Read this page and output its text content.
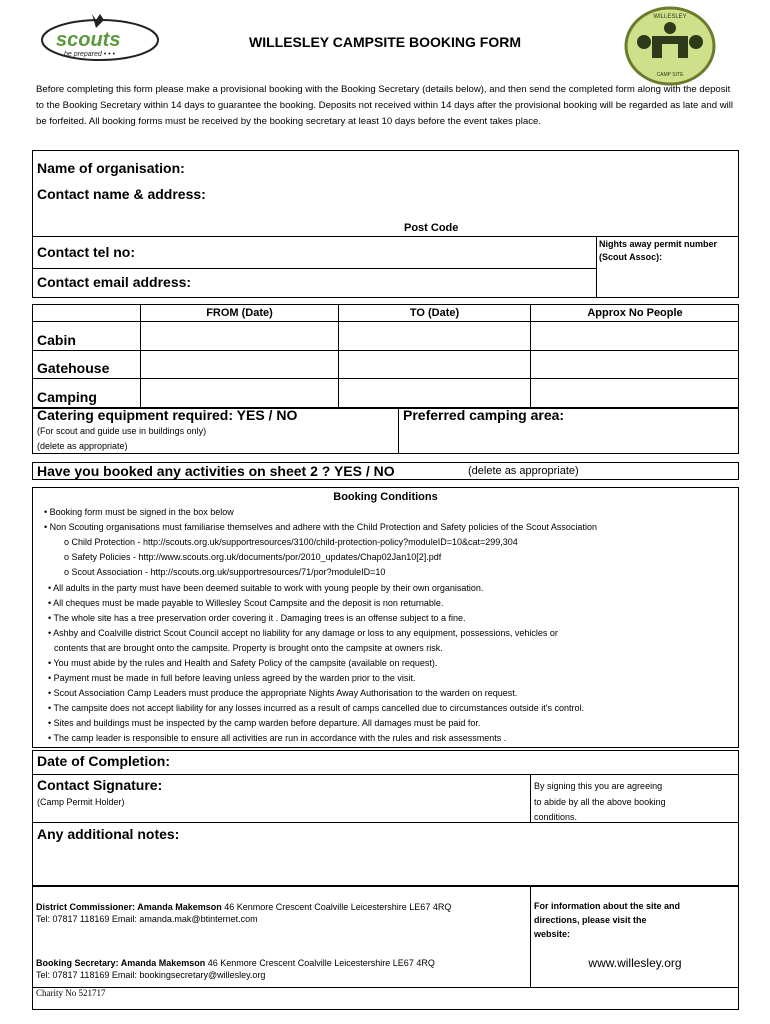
scouts
be prepared • • •
WILLESLEY
CAMP SITE
WILLESLEY CAMPSITE BOOKING FORM
Before completing this form please make a provisional booking with the Booking Secretary (details below), and then send the completed form along with the deposit to the Booking Secretary within 14 days to guarantee the booking. Deposits not received within 14 days after the provisional booking will be regarded as late and will be forfeited. All booking forms must be received by the booking secretary at least 10 days before the event takes place.
Name of organisation:
Contact name & address:
Post Code
Contact tel no:	Nights away permit number
(Scout Assoc):
Contact email address:
FROM (Date)	TO (Date)	Approx No People
Cabin
Gatehouse
Camping
Catering equipment required: YES / NO
(For scout and guide use in buildings only)
(delete as appropriate)
Preferred camping area:
Have you booked any activities on sheet 2 ? YES / NO	(delete as appropriate)
Booking Conditions
• Booking form must be signed in the box below
• Non Scouting organisations must familiarise themselves and adhere with the Child Protection and Safety policies of the Scout Association
o Child Protection - http://scouts.org.uk/supportresources/3100/child-protection-policy?moduleID=10&cat=299,304
o Safety Policies - http://www.scouts.org.uk/documents/por/2010_updates/Chap02Jan10[2].pdf
o Scout Association - http://scouts.org.uk/supportresources/71/por?moduleID=10
• All adults in the party must have been deemed suitable to work with young people by their own organisation.
• All cheques must be made payable to Willesley Scout Campsite and the deposit is non returnable.
• The whole site has a tree preservation order covering it . Damaging trees is an offense subject to a fine.
• Ashby and Coalville district Scout Council accept no liability for any damage or loss to any equipment, possessions, vehicles or
contents that are brought onto the campsite. Property is brought onto the campsite at owners risk.
• You must abide by the rules and Health and Safety Policy of the campsite (available on request).
• Payment must be made in full before leaving unless agreed by the warden prior to the visit.
• Scout Association Camp Leaders must produce the appropriate Nights Away Authorisation to the warden on request.
• The campsite does not accept liability for any losses incurred as a result of camps cancelled due to circumstances outside it's control.
• Sites and buildings must be inspected by the camp warden before departure. All damages must be paid for.
• The camp leader is responsible to ensure all activities are run in accordance with the rules and risk assessments .
Date of Completion:
Contact Signature:
(Camp Permit Holder)
By signing this you are agreeing
to abide by all the above booking
conditions.
Any additional notes:
District Commissioner: Amanda Makemson 46 Kenmore Crescent Coalville Leicestershire LE67 4RQ
Tel: 07817 118169 Email: amanda.mak@btinternet.com
For information about the site and
directions, please visit the
website:
Booking Secretary: Amanda Makemson 46 Kenmore Crescent Coalville Leicestershire LE67 4RQ
Tel: 07817 118169 Email: bookingsecretary@willesley.org
www.willesley.org
Charity No 521717
